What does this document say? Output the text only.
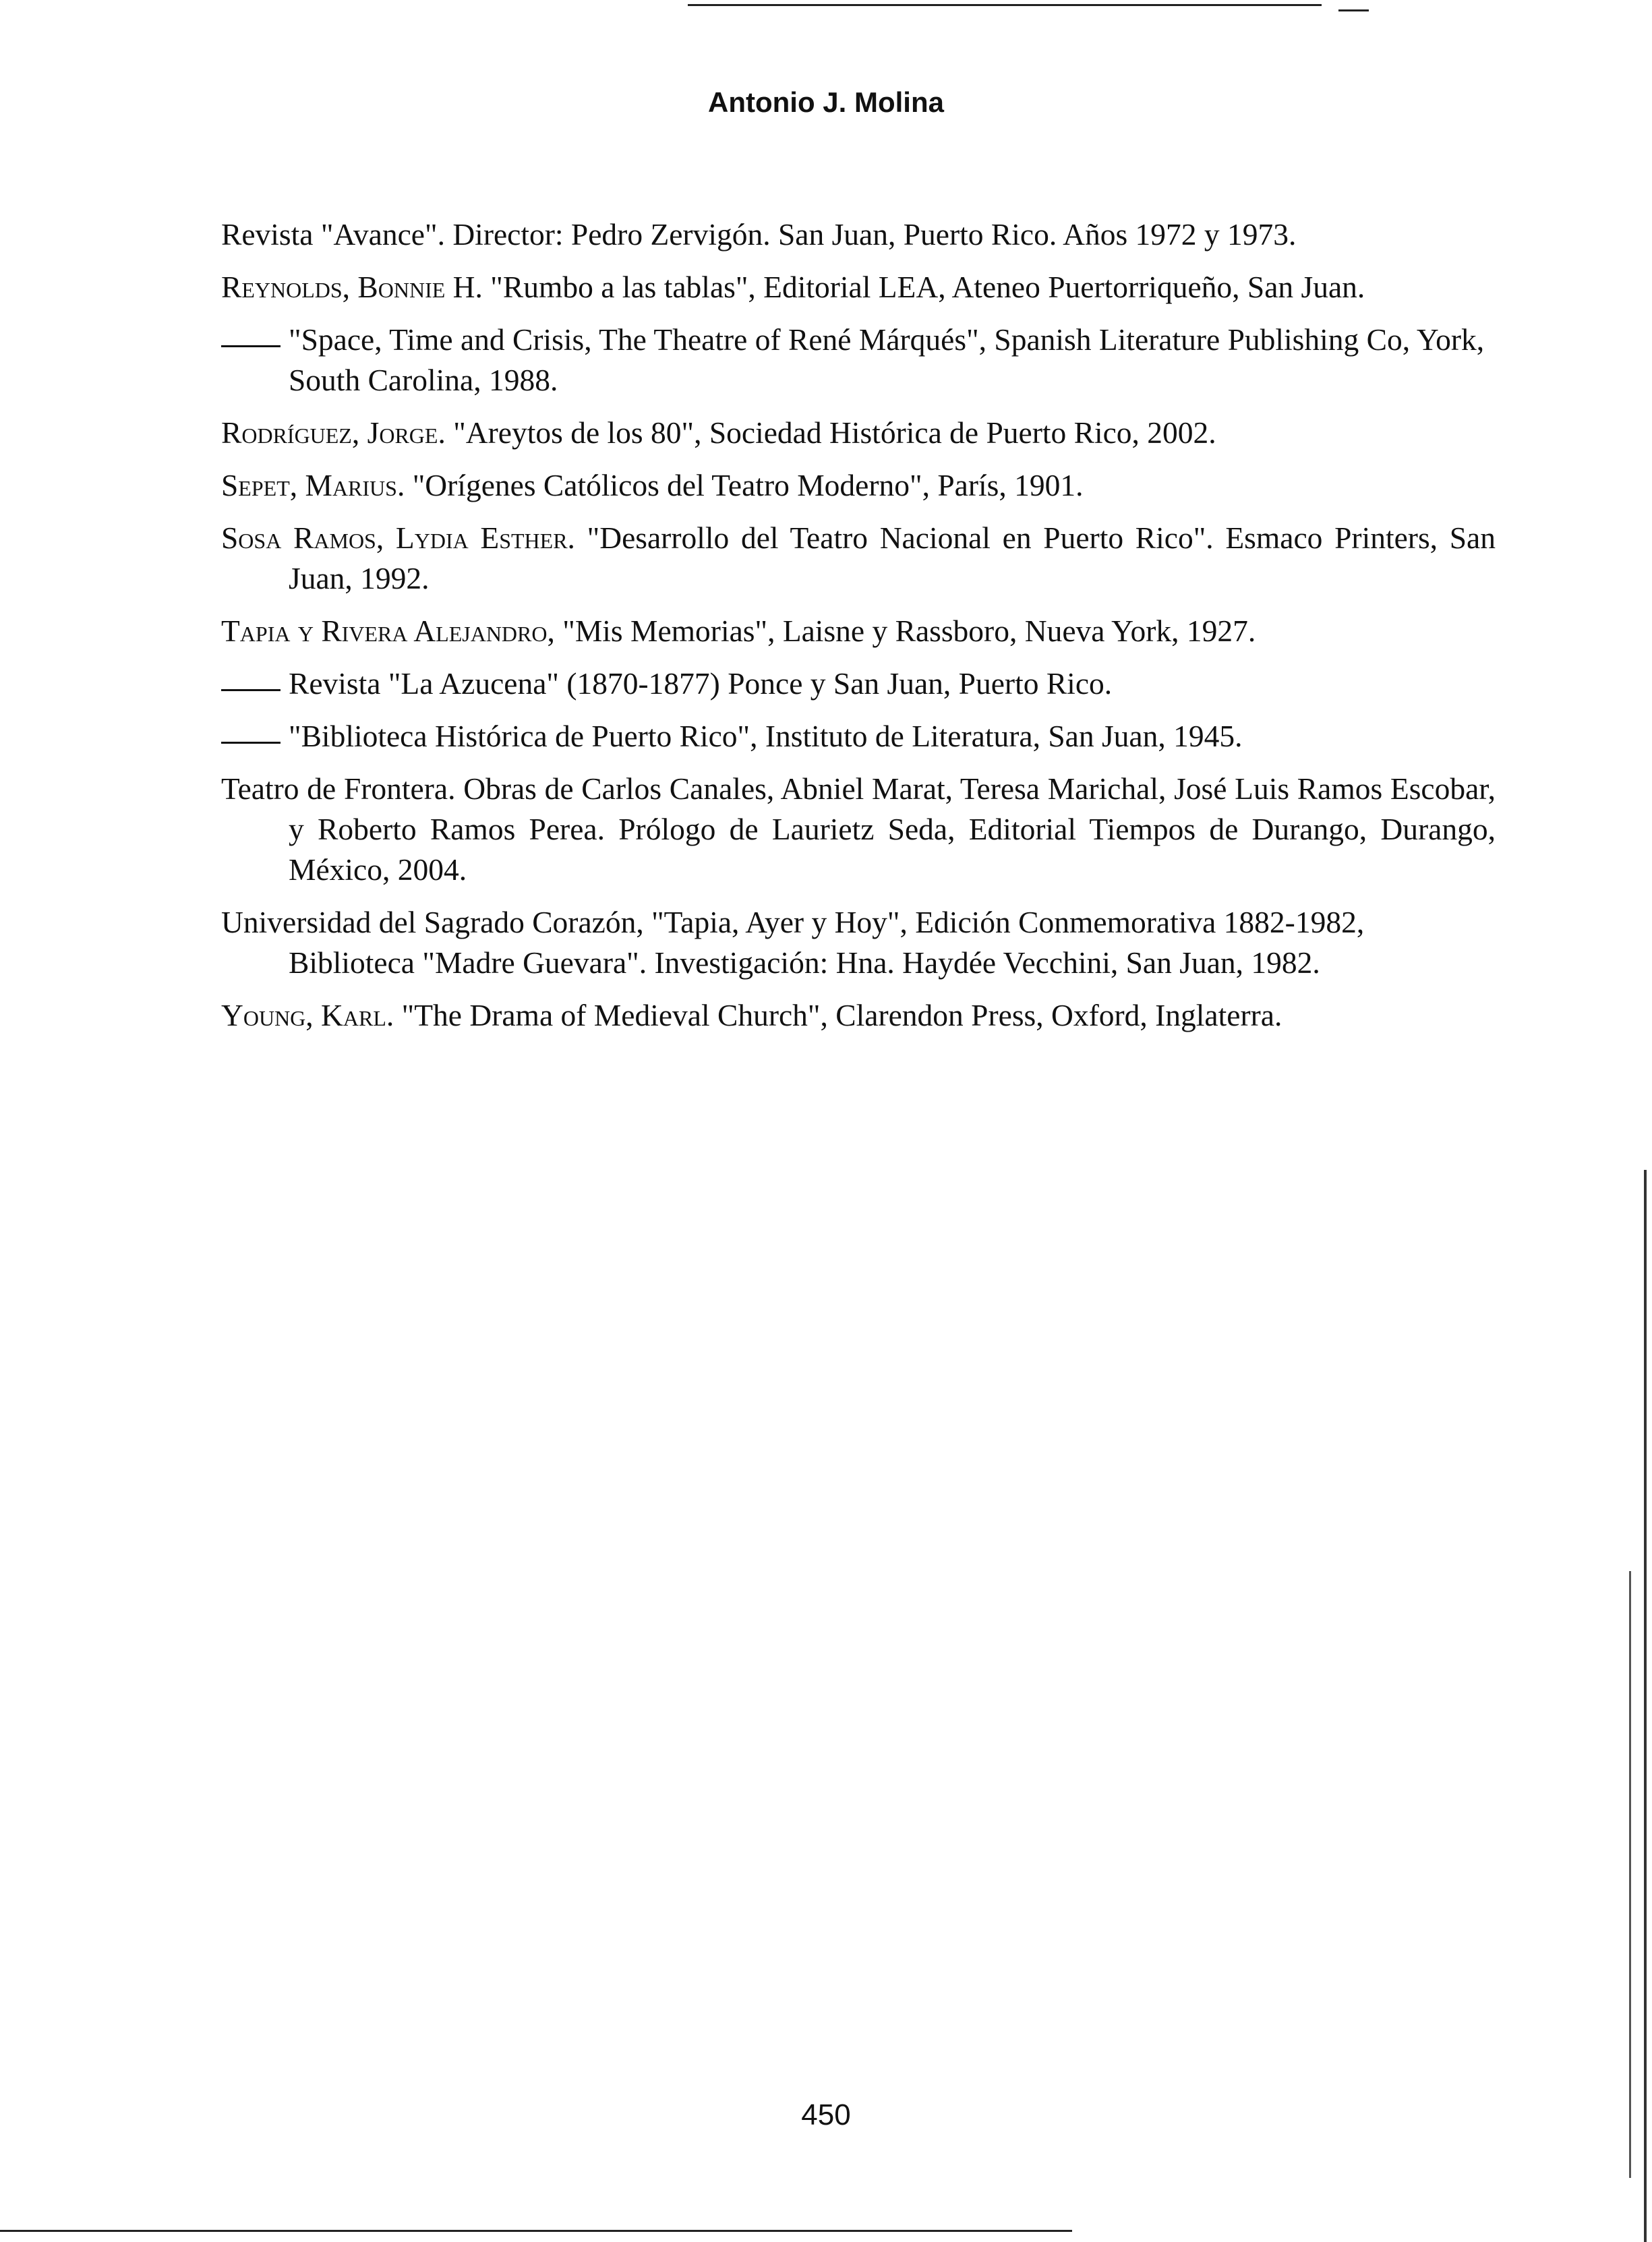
Antonio J. Molina

Revista "Avance". Director: Pedro Zervigón. San Juan, Puerto Rico. Años 1972 y 1973.

Reynolds, Bonnie H. "Rumbo a las tablas", Editorial LEA, Ateneo Puertorriqueño, San Juan.

"Space, Time and Crisis, The Theatre of René Márqués", Spanish Literature Publishing Co, York, South Carolina, 1988.

Rodríguez, Jorge. "Areytos de los 80", Sociedad Histórica de Puerto Rico, 2002.

Sepet, Marius. "Orígenes Católicos del Teatro Moderno", París, 1901.

Sosa Ramos, Lydia Esther. "Desarrollo del Teatro Nacional en Puerto Rico". Esmaco Printers, San Juan, 1992.

Tapia y Rivera Alejandro, "Mis Memorias", Laisne y Rassboro, Nueva York, 1927.

Revista "La Azucena" (1870-1877) Ponce y San Juan, Puerto Rico.

"Biblioteca Histórica de Puerto Rico", Instituto de Literatura, San Juan, 1945.

Teatro de Frontera. Obras de Carlos Canales, Abniel Marat, Teresa Marichal, José Luis Ramos Escobar, y Roberto Ramos Perea. Prólogo de Laurietz Seda, Editorial Tiempos de Durango, Durango, México, 2004.

Universidad del Sagrado Corazón, "Tapia, Ayer y Hoy", Edición Conmemorativa 1882-1982, Biblioteca "Madre Guevara". Investigación: Hna. Haydée Vecchini, San Juan, 1982.

Young, Karl. "The Drama of Medieval Church", Clarendon Press, Oxford, Inglaterra.

450
